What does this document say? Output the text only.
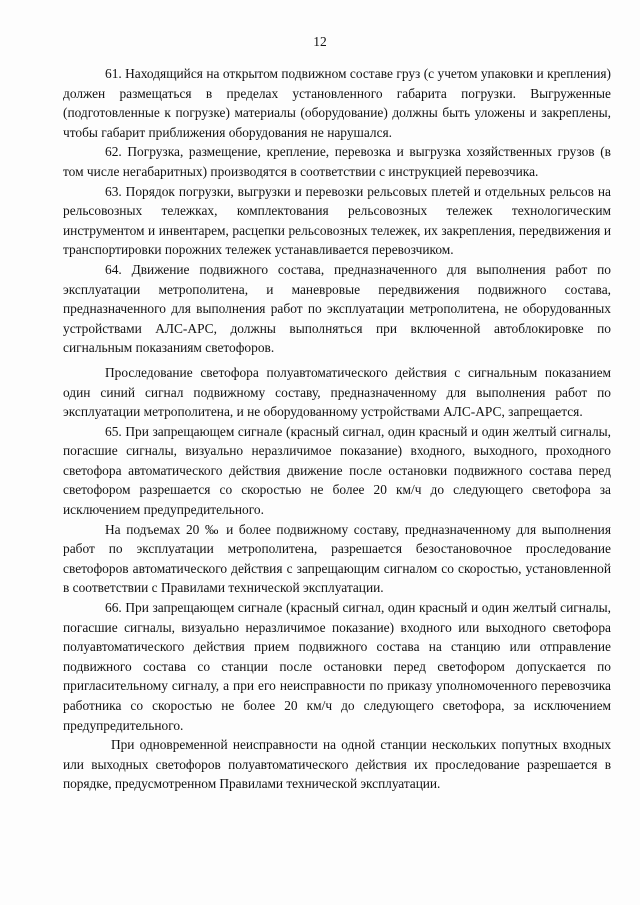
12

61. Находящийся на открытом подвижном составе груз (с учетом упаковки и крепления) должен размещаться в пределах установленного габарита погрузки. Выгруженные (подготовленные к погрузке) материалы (оборудование) должны быть уложены и закреплены, чтобы габарит приближения оборудования не нарушался.

62. Погрузка, размещение, крепление, перевозка и выгрузка хозяйственных грузов (в том числе негабаритных) производятся в соответствии с инструкцией перевозчика.

63. Порядок погрузки, выгрузки и перевозки рельсовых плетей и отдельных рельсов на рельсовозных тележках, комплектования рельсовозных тележек технологическим инструментом и инвентарем, расцепки рельсовозных тележек, их закрепления, передвижения и транспортировки порожних тележек устанавливается перевозчиком.

64. Движение подвижного состава, предназначенного для выполнения работ по эксплуатации метрополитена, и маневровые передвижения подвижного состава, предназначенного для выполнения работ по эксплуатации метрополитена, не оборудованных устройствами АЛС-АРС, должны выполняться при включенной автоблокировке по сигнальным показаниям светофоров.

Проследование светофора полуавтоматического действия с сигнальным показанием один синий сигнал подвижному составу, предназначенному для выполнения работ по эксплуатации метрополитена, и не оборудованному устройствами АЛС-АРС, запрещается.

65. При запрещающем сигнале (красный сигнал, один красный и один желтый сигналы, погасшие сигналы, визуально неразличимое показание) входного, выходного, проходного светофора автоматического действия движение после остановки подвижного состава перед светофором разрешается со скоростью не более 20 км/ч до следующего светофора за исключением предупредительного.

На подъемах 20 ‰ и более подвижному составу, предназначенному для выполнения работ по эксплуатации метрополитена, разрешается безостановочное проследование светофоров автоматического действия с запрещающим сигналом со скоростью, установленной в соответствии с Правилами технической эксплуатации.

66. При запрещающем сигнале (красный сигнал, один красный и один желтый сигналы, погасшие сигналы, визуально неразличимое показание) входного или выходного светофора полуавтоматического действия прием подвижного состава на станцию или отправление подвижного состава со станции после остановки перед светофором допускается по пригласительному сигналу, а при его неисправности по приказу уполномоченного перевозчика работника со скоростью не более 20 км/ч до следующего светофора, за исключением предупредительного.

При одновременной неисправности на одной станции нескольких попутных входных или выходных светофоров полуавтоматического действия их проследование разрешается в порядке, предусмотренном Правилами технической эксплуатации.
